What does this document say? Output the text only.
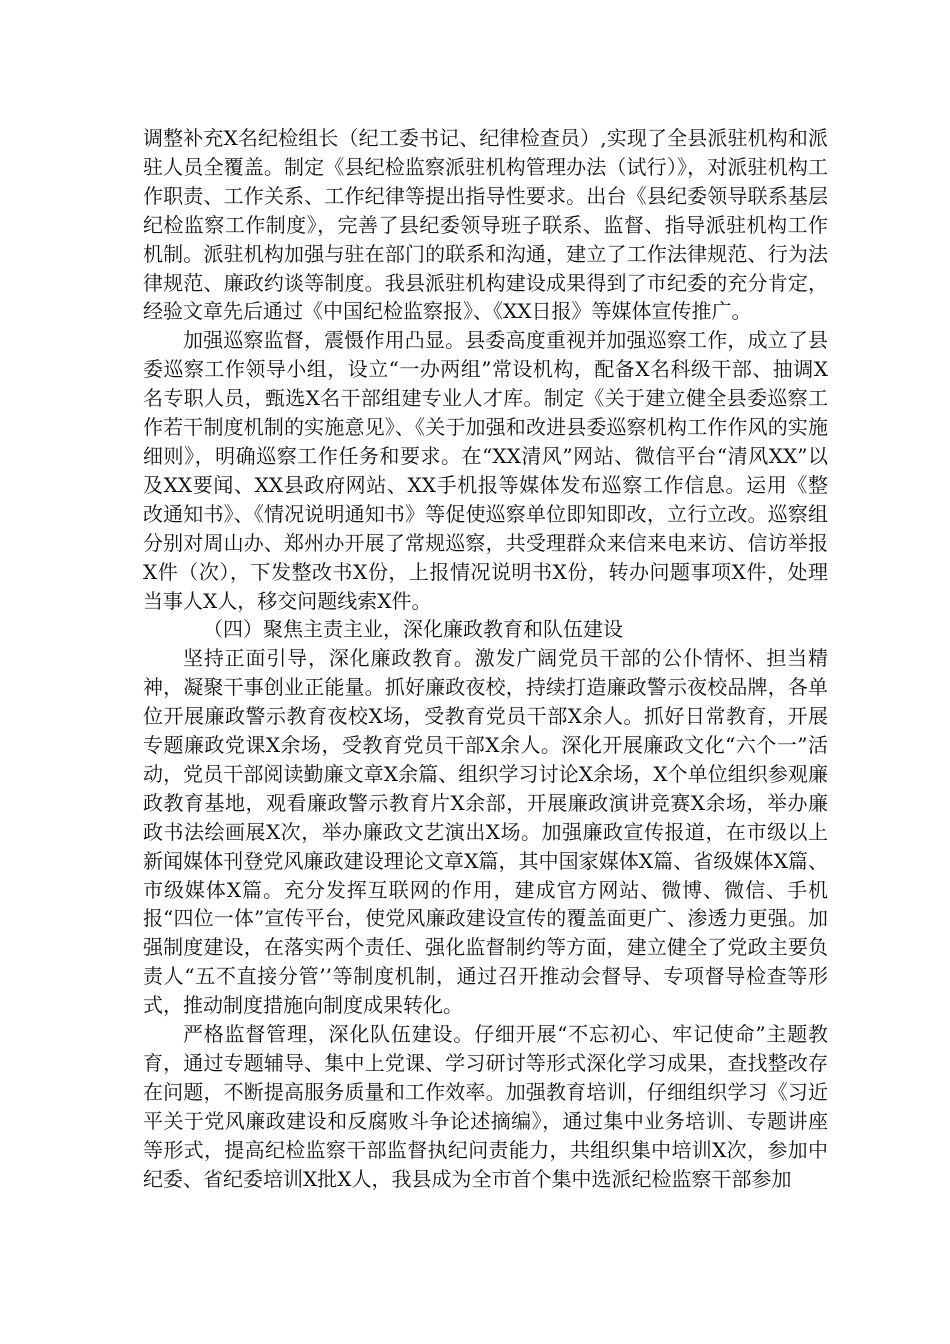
调整补充X名纪检组长（纪工委书记、纪律检查员）,实现了全县派驻机构和派驻人员全覆盖。制定《县纪检监察派驻机构管理办法（试行）》，对派驻机构工作职责、工作关系、工作纪律等提出指导性要求。出台《县纪委领导联系基层纪检监察工作制度》，完善了县纪委领导班子联系、监督、指导派驻机构工作机制。派驻机构加强与驻在部门的联系和沟通，建立了工作法律规范、行为法律规范、廉政约谈等制度。我县派驻机构建设成果得到了市纪委的充分肯定，经验文章先后通过《中国纪检监察报》、《XX日报》等媒体宣传推广。

加强巡察监督，震慑作用凸显。县委高度重视并加强巡察工作，成立了县委巡察工作领导小组，设立“一办两组”常设机构，配备X名科级干部、抽调X名专职人员，甄选X名干部组建专业人才库。制定《关于建立健全县委巡察工作若干制度机制的实施意见》、《关于加强和改进县委巡察机构工作作风的实施细则》，明确巡察工作任务和要求。在“XX清风”网站、微信平台“清风XX”以及XX要闻、XX县政府网站、XX手机报等媒体发布巡察工作信息。运用《整改通知书》、《情况说明通知书》等促使巡察单位即知即改，立行立改。巡察组分别对周山办、郑州办开展了常规巡察，共受理群众来信来电来访、信访举报X件（次），下发整改书X份，上报情况说明书X份，转办问题事项X件，处理当事人X人，移交问题线索X件。

（四）聚焦主责主业，深化廉政教育和队伍建设

坚持正面引导，深化廉政教育。激发广阔党员干部的公仆情怀、担当精神，凝聚干事创业正能量。抓好廉政夜校，持续打造廉政警示夜校品牌，各单位开展廉政警示教育夜校X场，受教育党员干部X余人。抓好日常教育，开展专题廉政党课X余场，受教育党员干部X余人。深化开展廉政文化“六个一”活动，党员干部阅读勤廉文章X余篇、组织学习讨论X余场，X个单位组织参观廉政教育基地，观看廉政警示教育片X余部，开展廉政演讲竞赛X余场，举办廉政书法绘画展X次，举办廉政文艺演出X场。加强廉政宣传报道，在市级以上新闻媒体刊登党风廉政建设理论文章X篇，其中国家媒体X篇、省级媒体X篇、市级媒体X篇。充分发挥互联网的作用，建成官方网站、微博、微信、手机报“四位一体”宣传平台，使党风廉政建设宣传的覆盖面更广、渗透力更强。加强制度建设，在落实两个责任、强化监督制约等方面，建立健全了党政主要负责人“五不直接分管’’等制度机制，通过召开推动会督导、专项督导检查等形式，推动制度措施向制度成果转化。

严格监督管理，深化队伍建设。仔细开展“不忘初心、牢记使命”主题教育，通过专题辅导、集中上党课、学习研讨等形式深化学习成果，查找整改存在问题，不断提高服务质量和工作效率。加强教育培训，仔细组织学习《习近平关于党风廉政建设和反腐败斗争论述摘编》，通过集中业务培训、专题讲座等形式，提高纪检监察干部监督执纪问责能力，共组织集中培训X次，参加中纪委、省纪委培训X批X人，我县成为全市首个集中选派纪检监察干部参加
